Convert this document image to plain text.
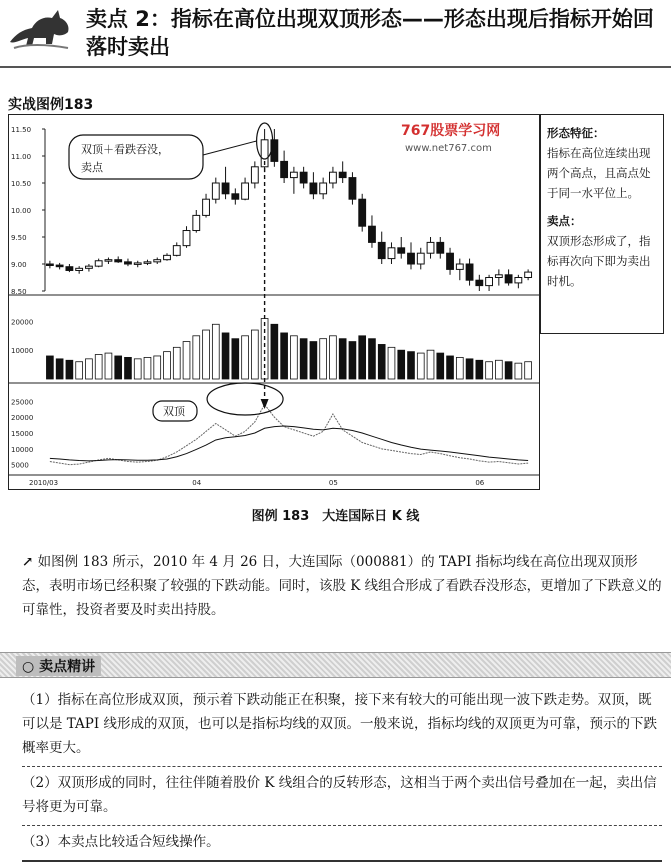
卖点 2：指标在高位出现双顶形态——形态出现后指标开始回落时卖出
实战图例183
11.50
11.00
10.50
10.00
9.50
9.00
8.50
20000
10000
25000
20000
15000
10000
5000
2010/03	04	05	06
双顶＋看跌吞没，
卖点
双顶
767股票学习网
www.net767.com
形态特征：
指标在高位连续出现两个高点，且高点处于同一水平位上。
卖点：
双顶形态形成了，指标再次向下即为卖出时机。
图例 183　大连国际日 K 线
↗ 如图例 183 所示，2010 年 4 月 26 日，大连国际（000881）的 TAPI 指标均线在高位出现双顶形态，表明市场已经积聚了较强的下跌动能。同时，该股 K 线组合形成了看跌吞没形态，更增加了下跌意义的可靠性，投资者要及时卖出持股。
○ 卖点精讲
（1）指标在高位形成双顶，预示着下跌动能正在积聚，接下来有较大的可能出现一波下跌走势。双顶，既可以是 TAPI 线形成的双顶，也可以是指标均线的双顶。一般来说，指标均线的双顶更为可靠，预示的下跌概率更大。
（2）双顶形成的同时，往往伴随着股价 K 线组合的反转形态，这相当于两个卖出信号叠加在一起，卖出信号将更为可靠。
（3）本卖点比较适合短线操作。
